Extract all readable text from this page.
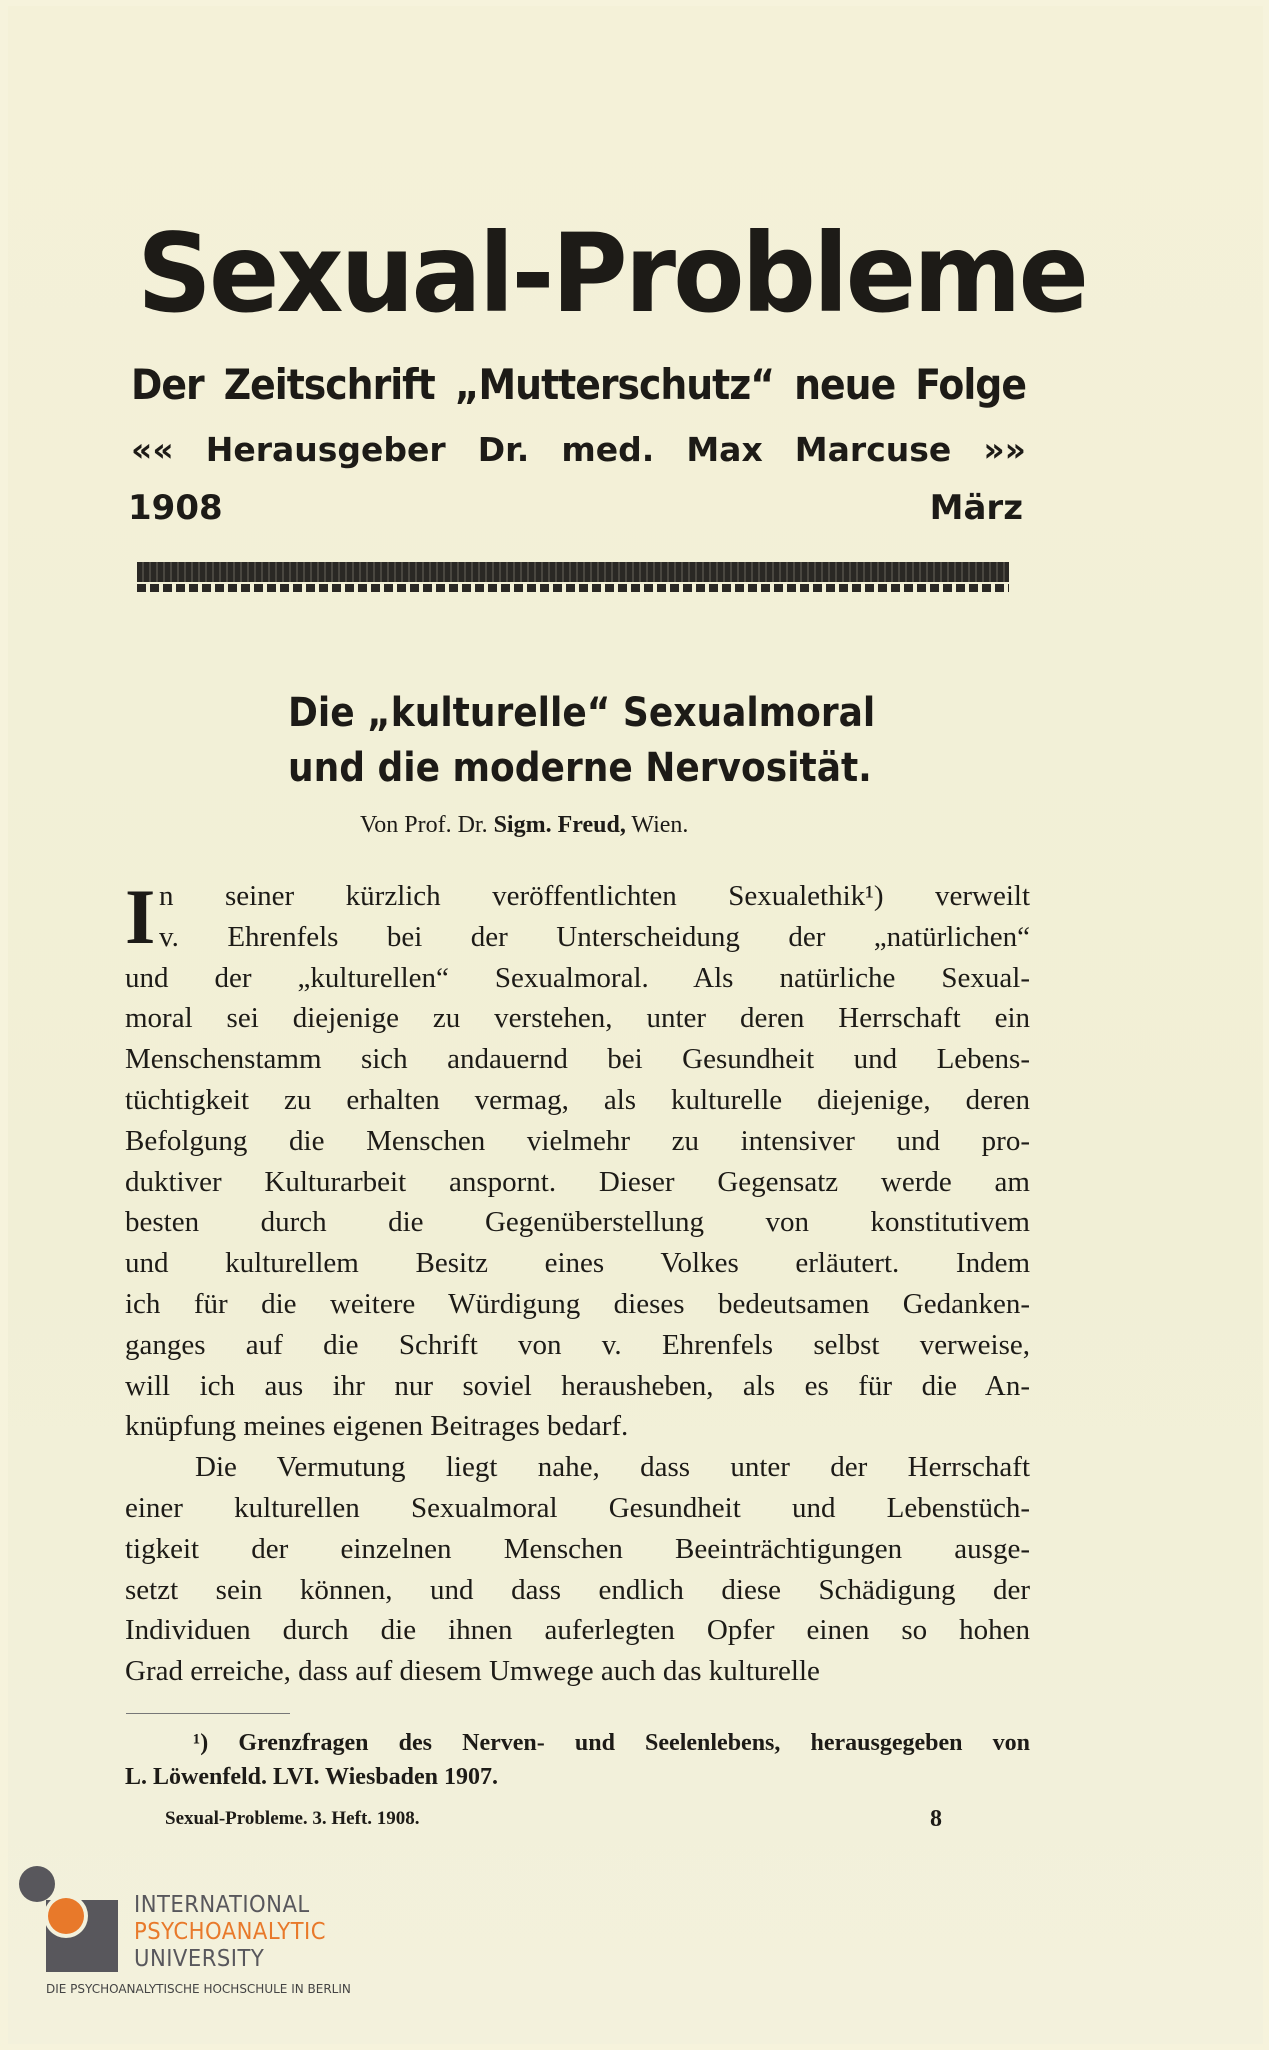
Sexual-Probleme
Der Zeitschrift „Mutterschutz“ neue Folge
«« Herausgeber Dr. med. Max Marcuse »»
1908	März
Die „kulturelle“ Sexualmoral
und die moderne Nervosität.
Von Prof. Dr. Sigm. Freud, Wien.
I n seiner kürzlich veröffentlichten Sexualethik¹) verweilt
v. Ehrenfels bei der Unterscheidung der „natürlichen“
und der „kulturellen“ Sexualmoral. Als natürliche Sexual-
moral sei diejenige zu verstehen, unter deren Herrschaft ein
Menschenstamm sich andauernd bei Gesundheit und Lebens-
tüchtigkeit zu erhalten vermag, als kulturelle diejenige, deren
Befolgung die Menschen vielmehr zu intensiver und pro-
duktiver Kulturarbeit anspornt. Dieser Gegensatz werde am
besten durch die Gegenüberstellung von konstitutivem
und kulturellem Besitz eines Volkes erläutert. Indem
ich für die weitere Würdigung dieses bedeutsamen Gedanken-
ganges auf die Schrift von v. Ehrenfels selbst verweise,
will ich aus ihr nur soviel herausheben, als es für die An-
knüpfung meines eigenen Beitrages bedarf.
Die Vermutung liegt nahe, dass unter der Herrschaft
einer kulturellen Sexualmoral Gesundheit und Lebenstüch-
tigkeit der einzelnen Menschen Beeinträchtigungen ausge-
setzt sein können, und dass endlich diese Schädigung der
Individuen durch die ihnen auferlegten Opfer einen so hohen
Grad erreiche, dass auf diesem Umwege auch das kulturelle
¹) Grenzfragen des Nerven- und Seelenlebens, herausgegeben von
L. Löwenfeld. LVI. Wiesbaden 1907.
Sexual-Probleme. 3. Heft. 1908.	8
INTERNATIONAL
PSYCHOANALYTIC
UNIVERSITY
DIE PSYCHOANALYTISCHE HOCHSCHULE IN BERLIN
